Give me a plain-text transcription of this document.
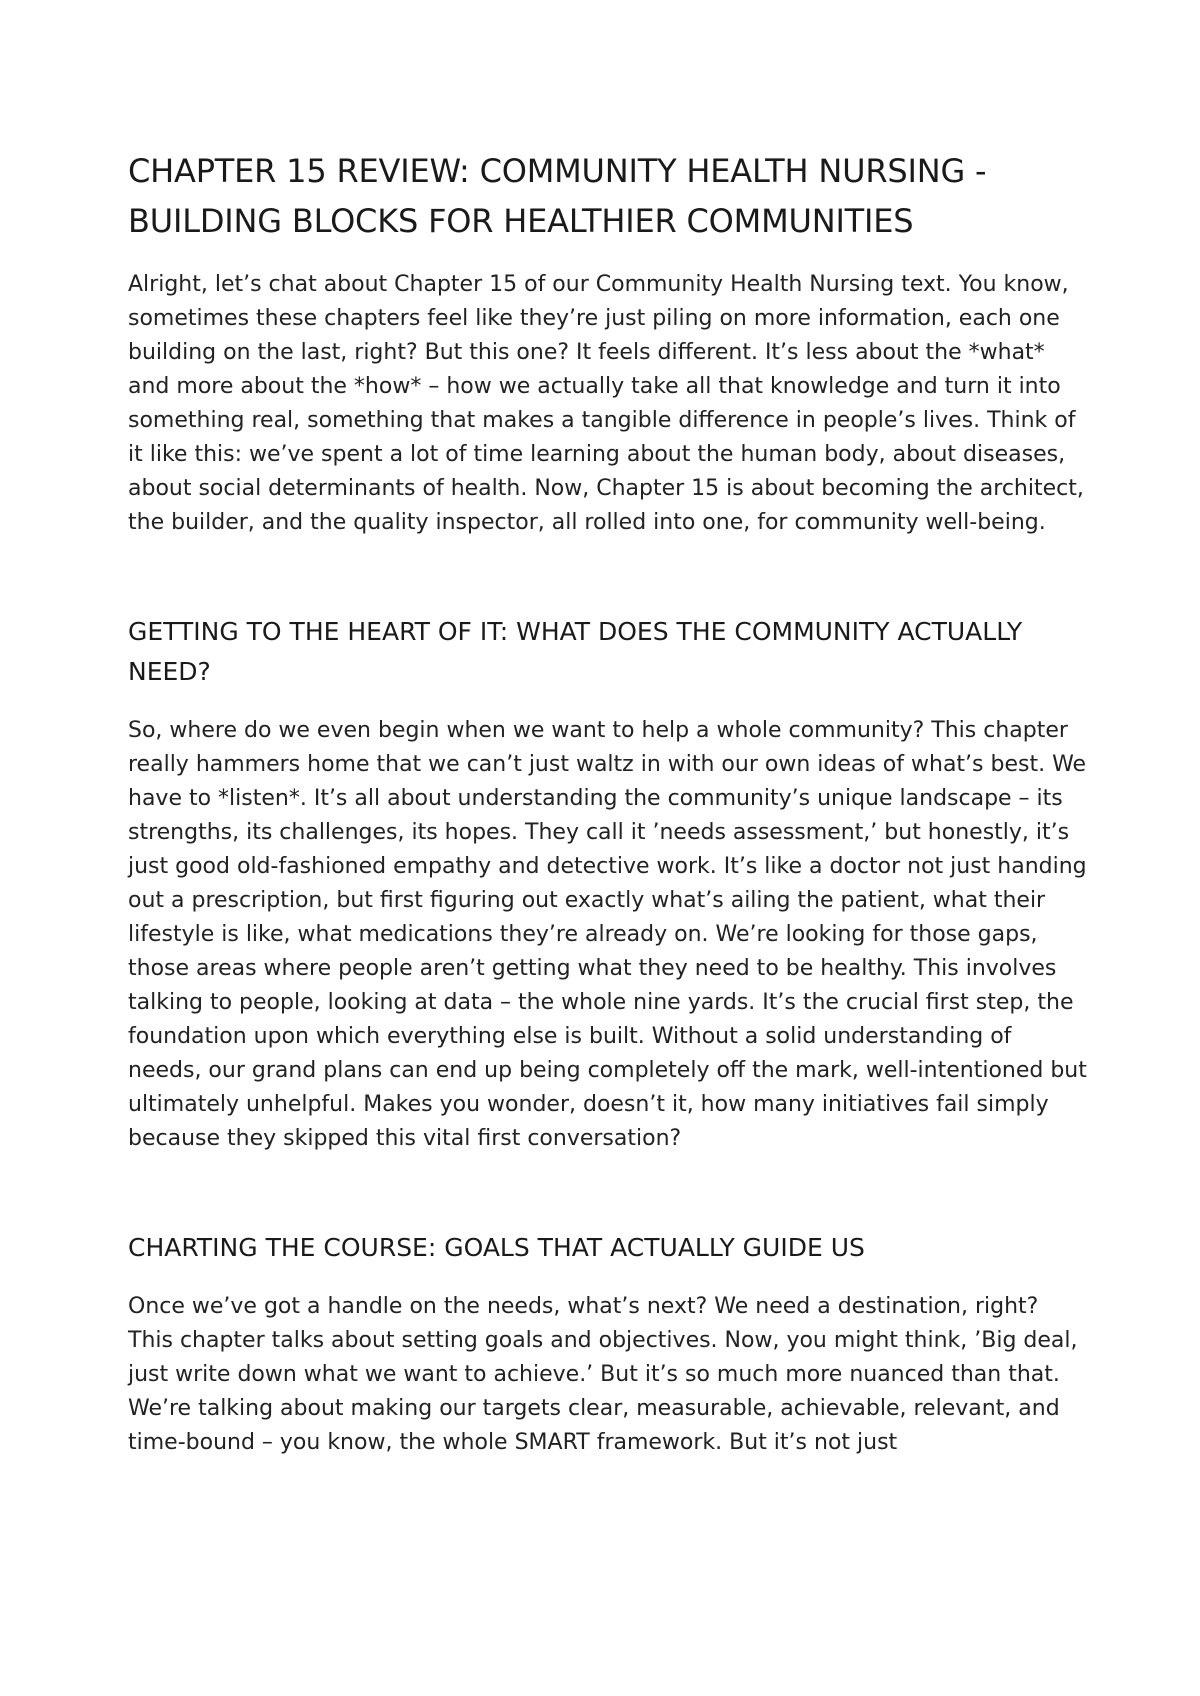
CHAPTER 15 REVIEW: COMMUNITY HEALTH NURSING - BUILDING BLOCKS FOR HEALTHIER COMMUNITIES

Alright, let’s chat about Chapter 15 of our Community Health Nursing text. You know, sometimes these chapters feel like they’re just piling on more information, each one building on the last, right? But this one? It feels different. It’s less about the *what* and more about the *how* – how we actually take all that knowledge and turn it into something real, something that makes a tangible difference in people’s lives. Think of it like this: we’ve spent a lot of time learning about the human body, about diseases, about social determinants of health. Now, Chapter 15 is about becoming the architect, the builder, and the quality inspector, all rolled into one, for community well-being.

GETTING TO THE HEART OF IT: WHAT DOES THE COMMUNITY ACTUALLY NEED?

So, where do we even begin when we want to help a whole community? This chapter really hammers home that we can’t just waltz in with our own ideas of what’s best. We have to *listen*. It’s all about understanding the community’s unique landscape – its strengths, its challenges, its hopes. They call it ’needs assessment,’ but honestly, it’s just good old-fashioned empathy and detective work. It’s like a doctor not just handing out a prescription, but first figuring out exactly what’s ailing the patient, what their lifestyle is like, what medications they’re already on. We’re looking for those gaps, those areas where people aren’t getting what they need to be healthy. This involves talking to people, looking at data – the whole nine yards. It’s the crucial first step, the foundation upon which everything else is built. Without a solid understanding of needs, our grand plans can end up being completely off the mark, well-intentioned but ultimately unhelpful. Makes you wonder, doesn’t it, how many initiatives fail simply because they skipped this vital first conversation?

CHARTING THE COURSE: GOALS THAT ACTUALLY GUIDE US

Once we’ve got a handle on the needs, what’s next? We need a destination, right? This chapter talks about setting goals and objectives. Now, you might think, ’Big deal, just write down what we want to achieve.’ But it’s so much more nuanced than that. We’re talking about making our targets clear, measurable, achievable, relevant, and time-bound – you know, the whole SMART framework. But it’s not just
